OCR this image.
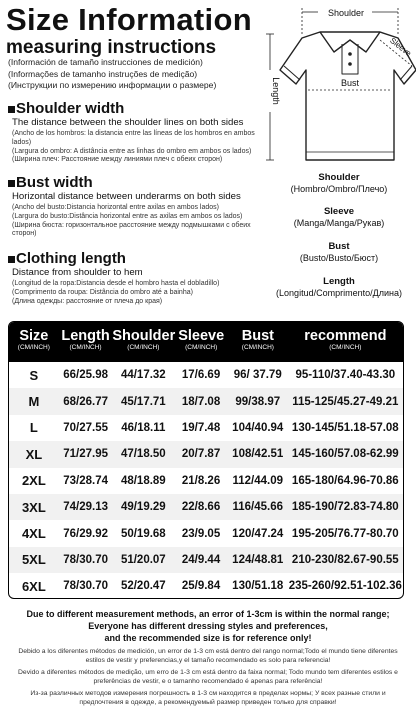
Size Information
measuring instructions
(Información de tamaño instrucciones de medición)
(Informações de tamanho instruções de medição)
(Инструкции по измерению информации о размере)
Shoulder width
The distance between the shoulder lines on both sides
(Ancho de los hombros: la distancia entre las líneas de los hombros en ambos lados)
(Largura do ombro: A distância entre as linhas do ombro em ambos os lados)
(Ширина плеч: Расстояние между линиями плеч с обеих сторон)
Bust width
Horizontal distance between underarms on both sides
(Ancho del busto:Distancia horizontal entre axilas en ambos lados)
(Largura do busto:Distância horizontal entre as axilas em ambos os lados)
(Ширина бюста: горизонтальное расстояние между подмышками с обеих сторон)
Clothing length
Distance from shoulder to hem
(Longitud de la ropa:Distancia desde el hombro hasta el dobladillo)
(Comprimento da roupa: Distância do ombro até a bainha)
(Длина одежды: расстояние от плеча до края)
Shoulder
Bust
Length
Sleeve
Shoulder
(Hombro/Ombro/Плечо)
Sleeve
(Manga/Manga/Рукав)
Bust
(Busto/Busto/Бюст)
Length
(Longitud/Comprimento/Длина)
Size
(CM/INCH)
Length
(CM/INCH)
Shoulder
(CM/INCH)
Sleeve
(CM/INCH)
Bust
(CM/INCH)
recommend
(CM/INCH)
S	66/25.98	44/17.32	17/6.69	96/ 37.79	95-110/37.40-43.30
M	68/26.77	45/17.71	18/7.08	99/38.97	115-125/45.27-49.21
L	70/27.55	46/18.11	19/7.48	104/40.94 130-145/51.18-57.08
XL	71/27.95	47/18.50	20/7.87	108/42.51 145-160/57.08-62.99
2XL	73/28.74	48/18.89	21/8.26	112/44.09 165-180/64.96-70.86
3XL	74/29.13	49/19.29	22/8.66	116/45.66 185-190/72.83-74.80
4XL	76/29.92	50/19.68	23/9.05	120/47.24 195-205/76.77-80.70
5XL	78/30.70	51/20.07	24/9.44	124/48.81 210-230/82.67-90.55
6XL	78/30.70	52/20.47	25/9.84	130/51.18 235-260/92.51-102.36
Due to different measurement methods, an error of 1-3cm is within the normal range;
Everyone has different dressing styles and preferences,
and the recommended size is for reference only!
Debido a los diferentes métodos de medición, un error de 1-3 cm está dentro del rango normal;Todo el mundo tiene diferentes estilos de vestir y preferencias,y el tamaño recomendado es solo para referencia!
Devido a diferentes métodos de medição, um erro de 1-3 cm está dentro da faixa normal; Todo mundo tem diferentes estilos e preferências de vestir, e o tamanho recomendado é apenas para referência!
Из-за различных методов измерения погрешность в 1-3 см находится в пределах нормы; У всех разные стили и предпочтения в одежде, а рекомендуемый размер приведен только для справки!
